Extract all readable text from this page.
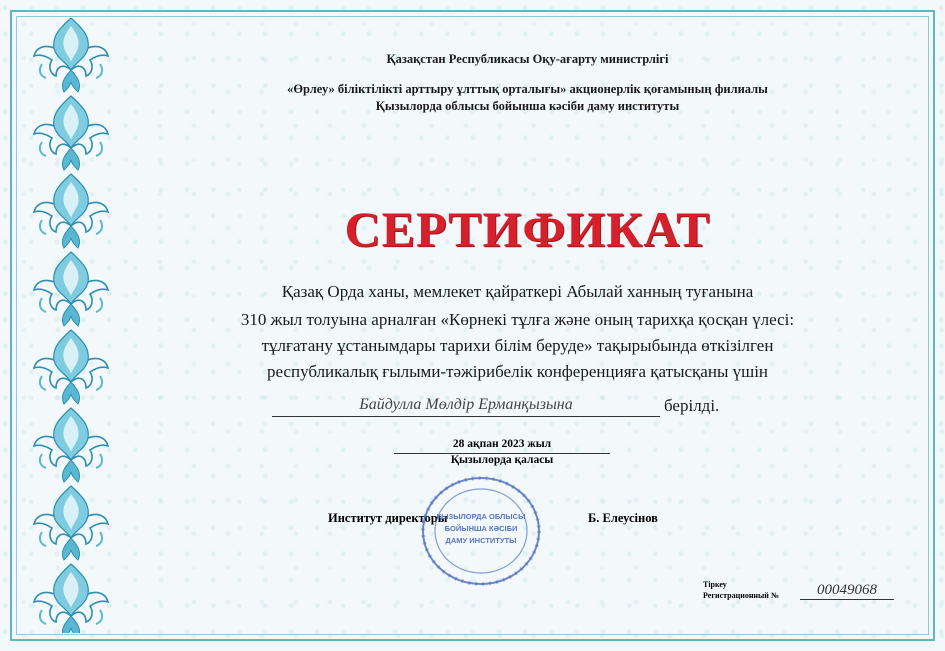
Қазақстан Республикасы Оқу-ағарту министрлігі
«Өрлеу» біліктілікті арттыру ұлттық орталығы» акционерлік қоғамының филиалы
Қызылорда облысы бойынша кәсіби даму институты
СЕРТИФИКАТ
Қазақ Орда ханы, мемлекет қайраткері Абылай ханның туғанына
310 жыл толуына арналған «Көрнекі тұлға және оның тарихқа қосқан үлесі:
тұлғатану ұстанымдары тарихи білім беруде» тақырыбында өткізілген
республикалық ғылыми-тәжірибелік конференцияға қатысқаны үшін
Байдулла Мөлдір Ерманқызына	берілді.
28 ақпан 2023 жыл
Қызылорда қаласы
Институт директоры	Б. Елеусінов
ҚЫЗЫЛОРДА ОБЛЫСЫ
БОЙЫНША КӘСІБИ
ДАМУ ИНСТИТУТЫ
Тіркеу
Регистрационный №	00049068
